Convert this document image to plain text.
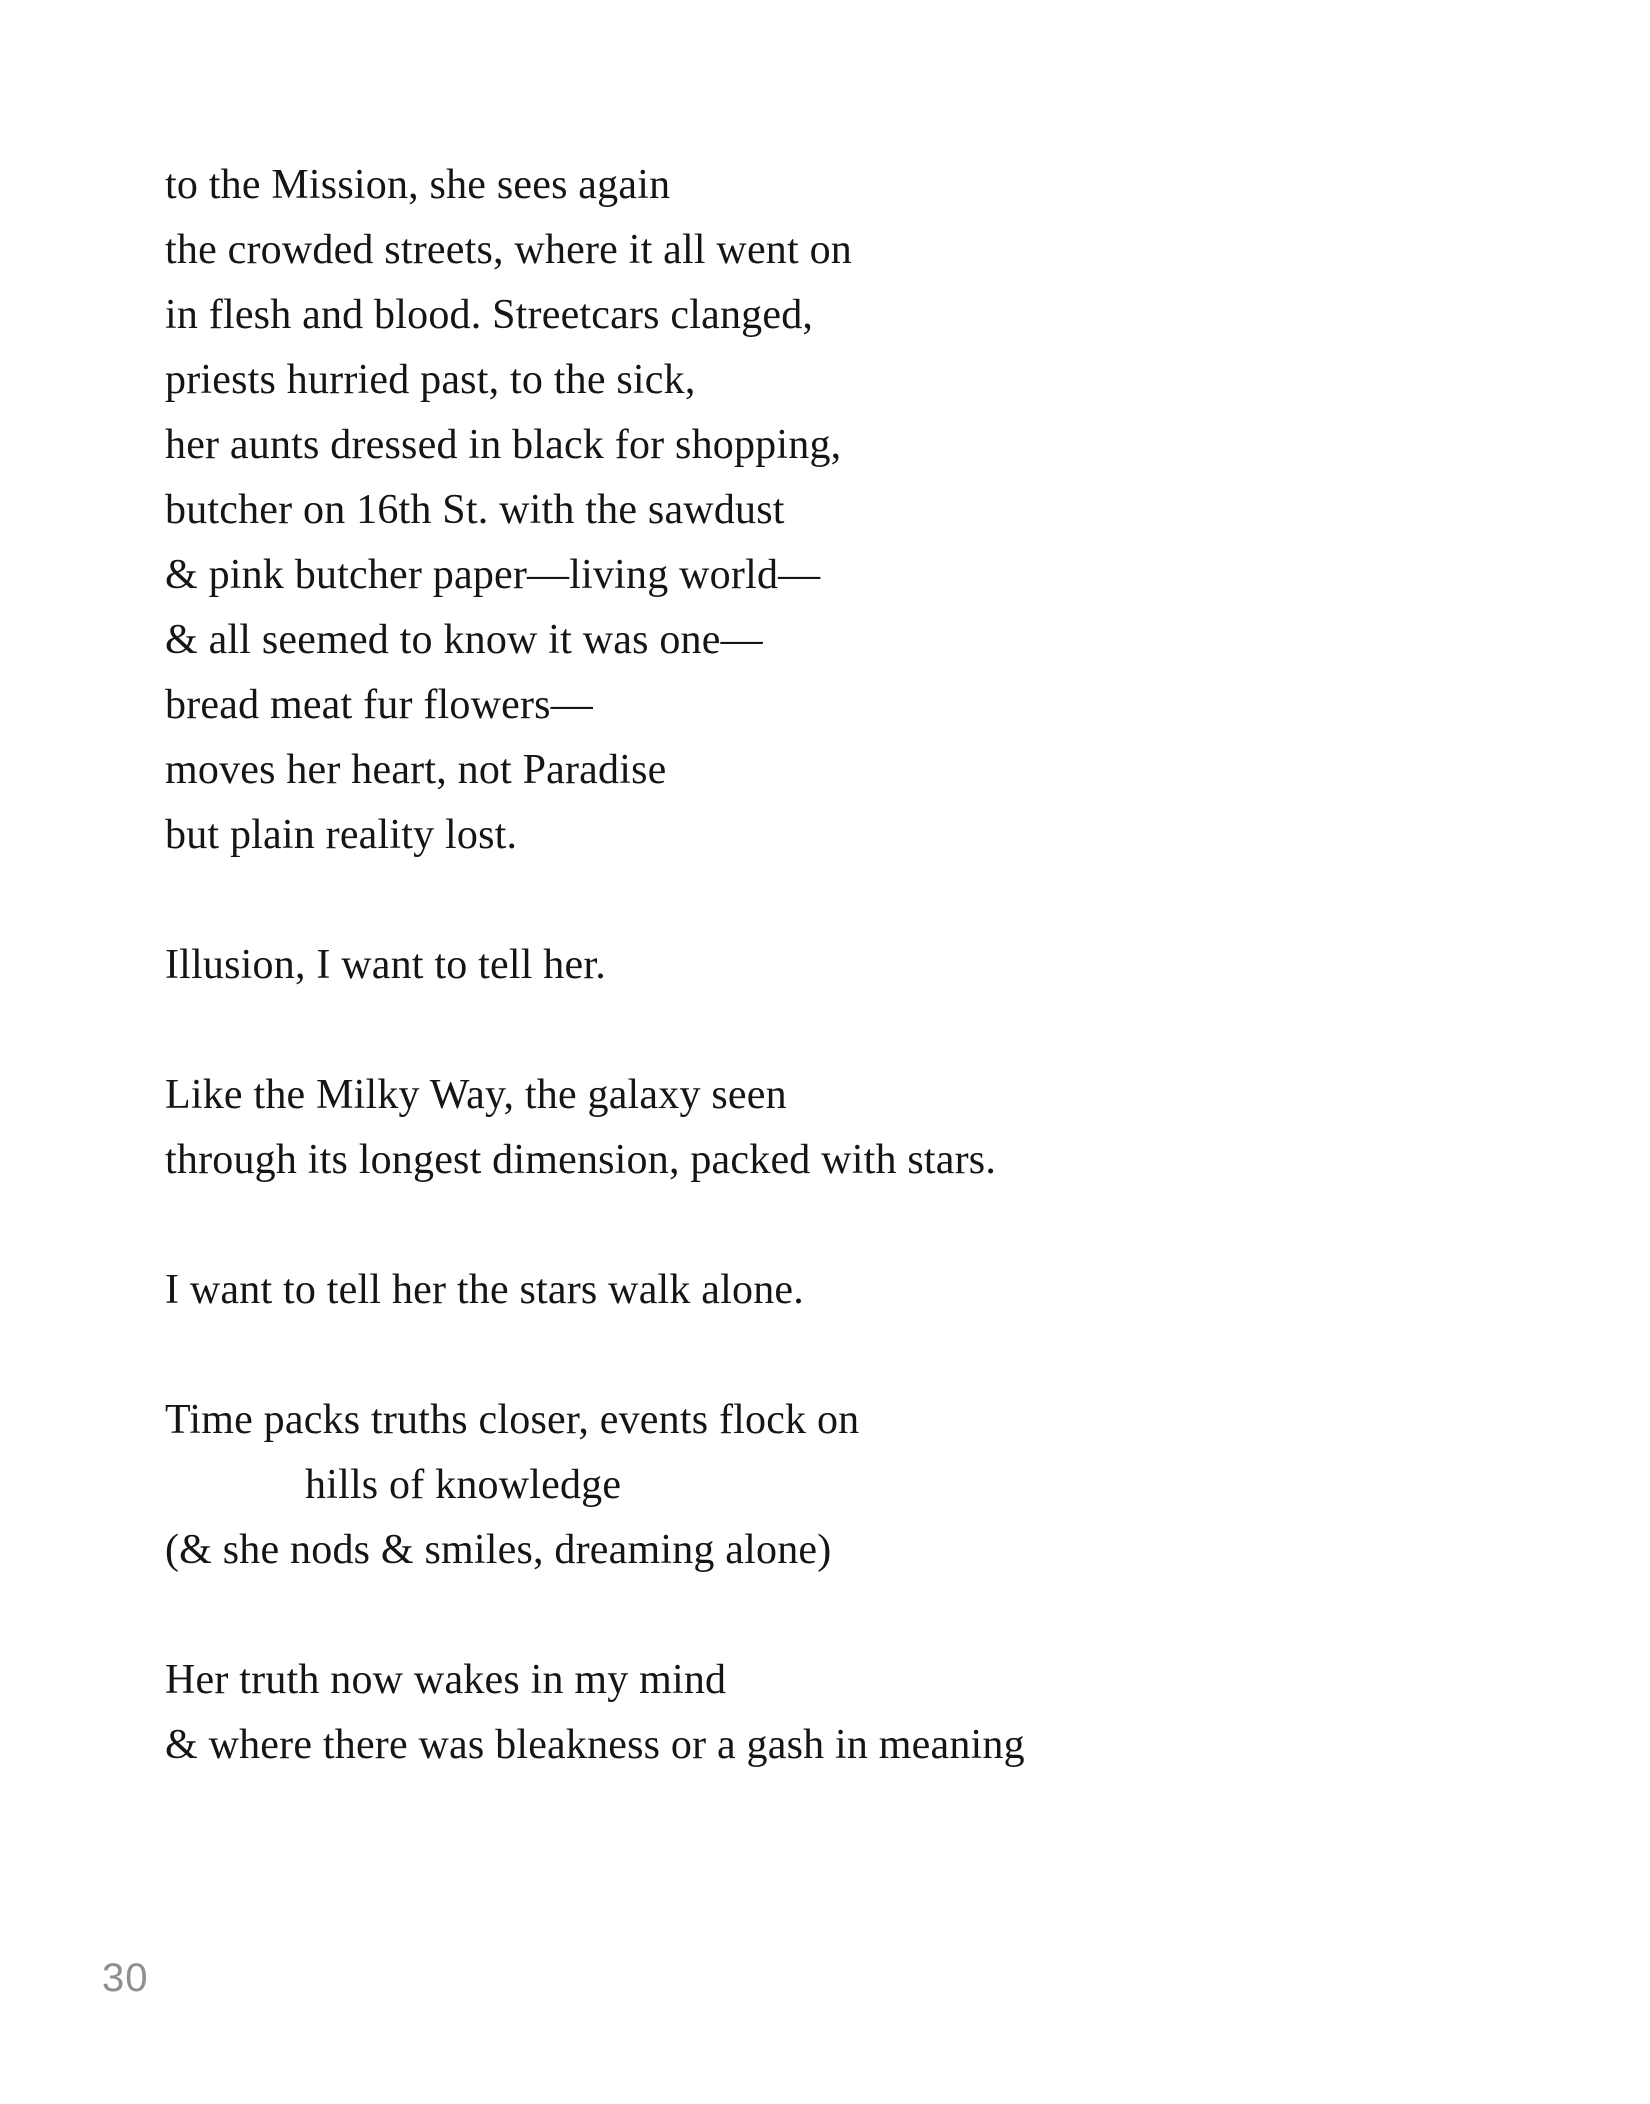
to the Mission, she sees again
the crowded streets, where it all went on
in flesh and blood. Streetcars clanged,
priests hurried past, to the sick,
her aunts dressed in black for shopping,
butcher on 16th St. with the sawdust
& pink butcher paper—living world—
& all seemed to know it was one—
bread meat fur flowers—
moves her heart, not Paradise
but plain reality lost.
Illusion, I want to tell her.
Like the Milky Way, the galaxy seen
through its longest dimension, packed with stars.
I want to tell her the stars walk alone.
Time packs truths closer, events flock on
hills of knowledge
(& she nods & smiles, dreaming alone)
Her truth now wakes in my mind
& where there was bleakness or a gash in meaning
30
